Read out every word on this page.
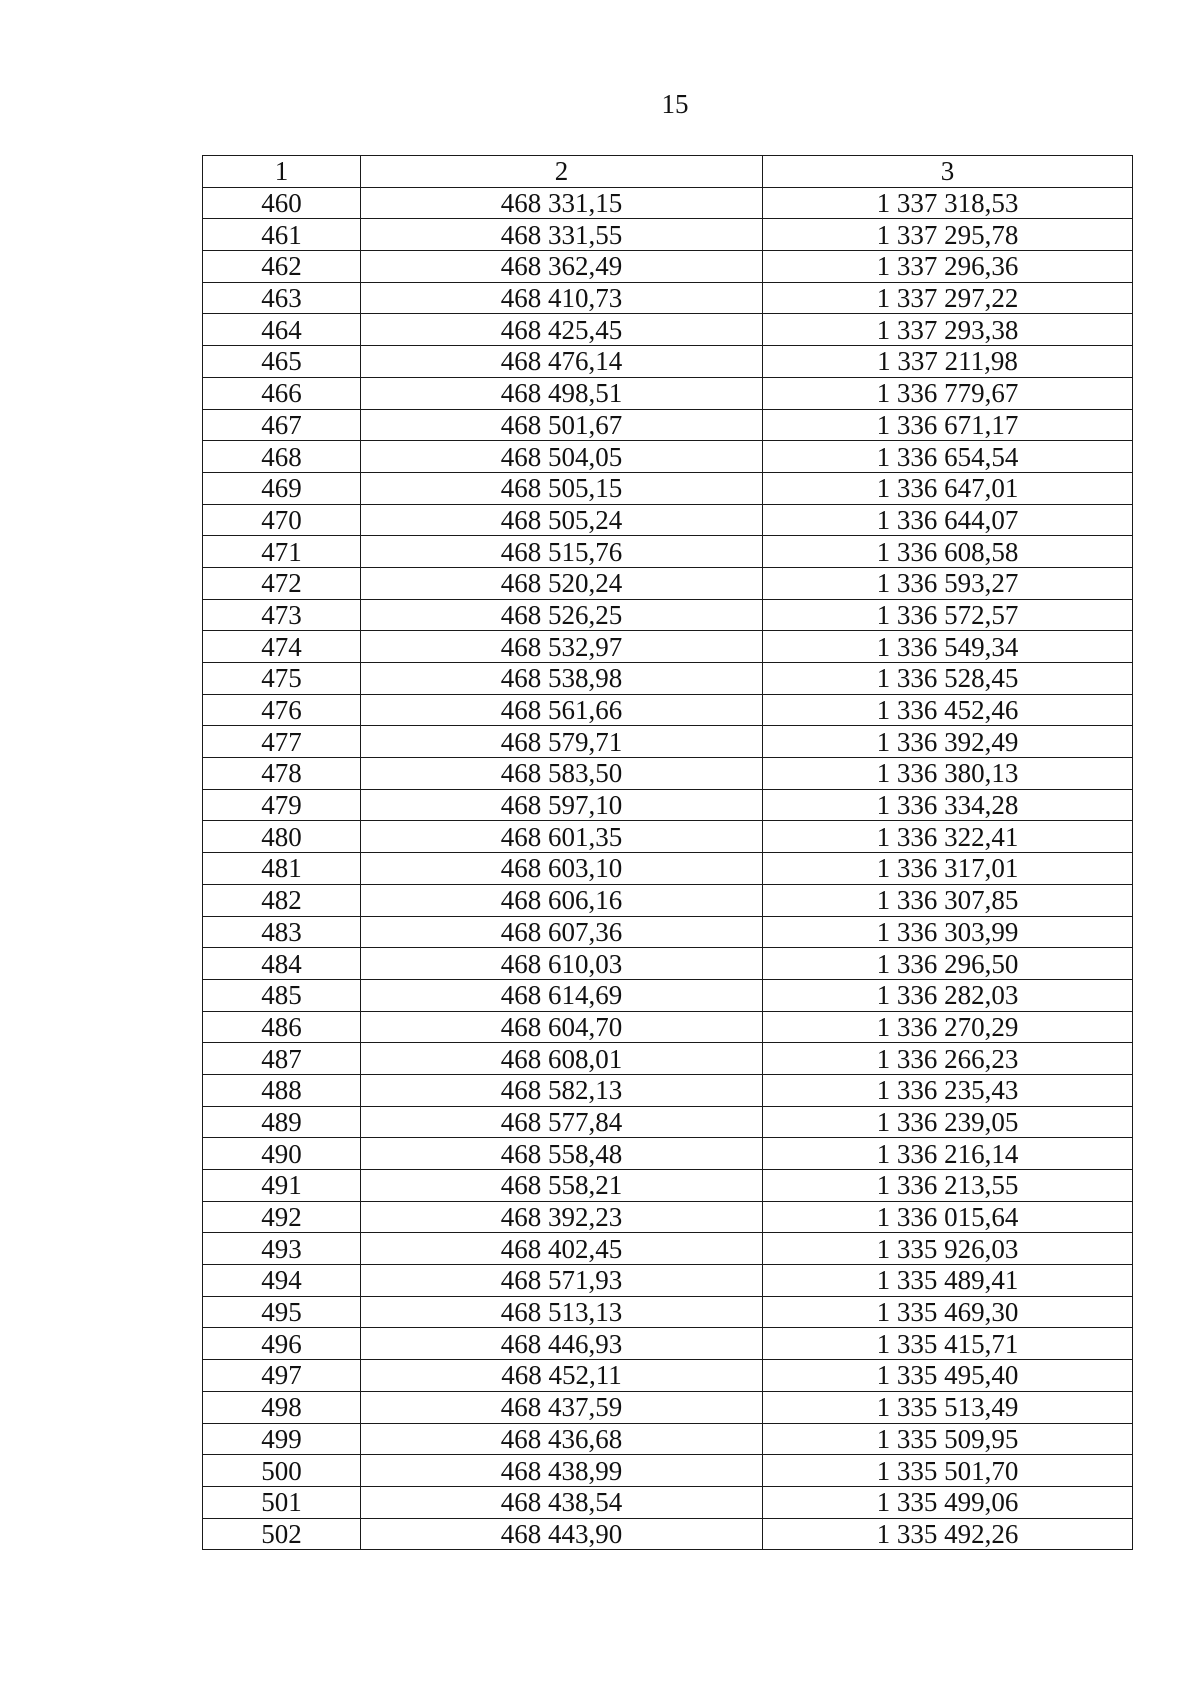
15
1	2	3
460	468 331,15	1 337 318,53
461	468 331,55	1 337 295,78
462	468 362,49	1 337 296,36
463	468 410,73	1 337 297,22
464	468 425,45	1 337 293,38
465	468 476,14	1 337 211,98
466	468 498,51	1 336 779,67
467	468 501,67	1 336 671,17
468	468 504,05	1 336 654,54
469	468 505,15	1 336 647,01
470	468 505,24	1 336 644,07
471	468 515,76	1 336 608,58
472	468 520,24	1 336 593,27
473	468 526,25	1 336 572,57
474	468 532,97	1 336 549,34
475	468 538,98	1 336 528,45
476	468 561,66	1 336 452,46
477	468 579,71	1 336 392,49
478	468 583,50	1 336 380,13
479	468 597,10	1 336 334,28
480	468 601,35	1 336 322,41
481	468 603,10	1 336 317,01
482	468 606,16	1 336 307,85
483	468 607,36	1 336 303,99
484	468 610,03	1 336 296,50
485	468 614,69	1 336 282,03
486	468 604,70	1 336 270,29
487	468 608,01	1 336 266,23
488	468 582,13	1 336 235,43
489	468 577,84	1 336 239,05
490	468 558,48	1 336 216,14
491	468 558,21	1 336 213,55
492	468 392,23	1 336 015,64
493	468 402,45	1 335 926,03
494	468 571,93	1 335 489,41
495	468 513,13	1 335 469,30
496	468 446,93	1 335 415,71
497	468 452,11	1 335 495,40
498	468 437,59	1 335 513,49
499	468 436,68	1 335 509,95
500	468 438,99	1 335 501,70
501	468 438,54	1 335 499,06
502	468 443,90	1 335 492,26
